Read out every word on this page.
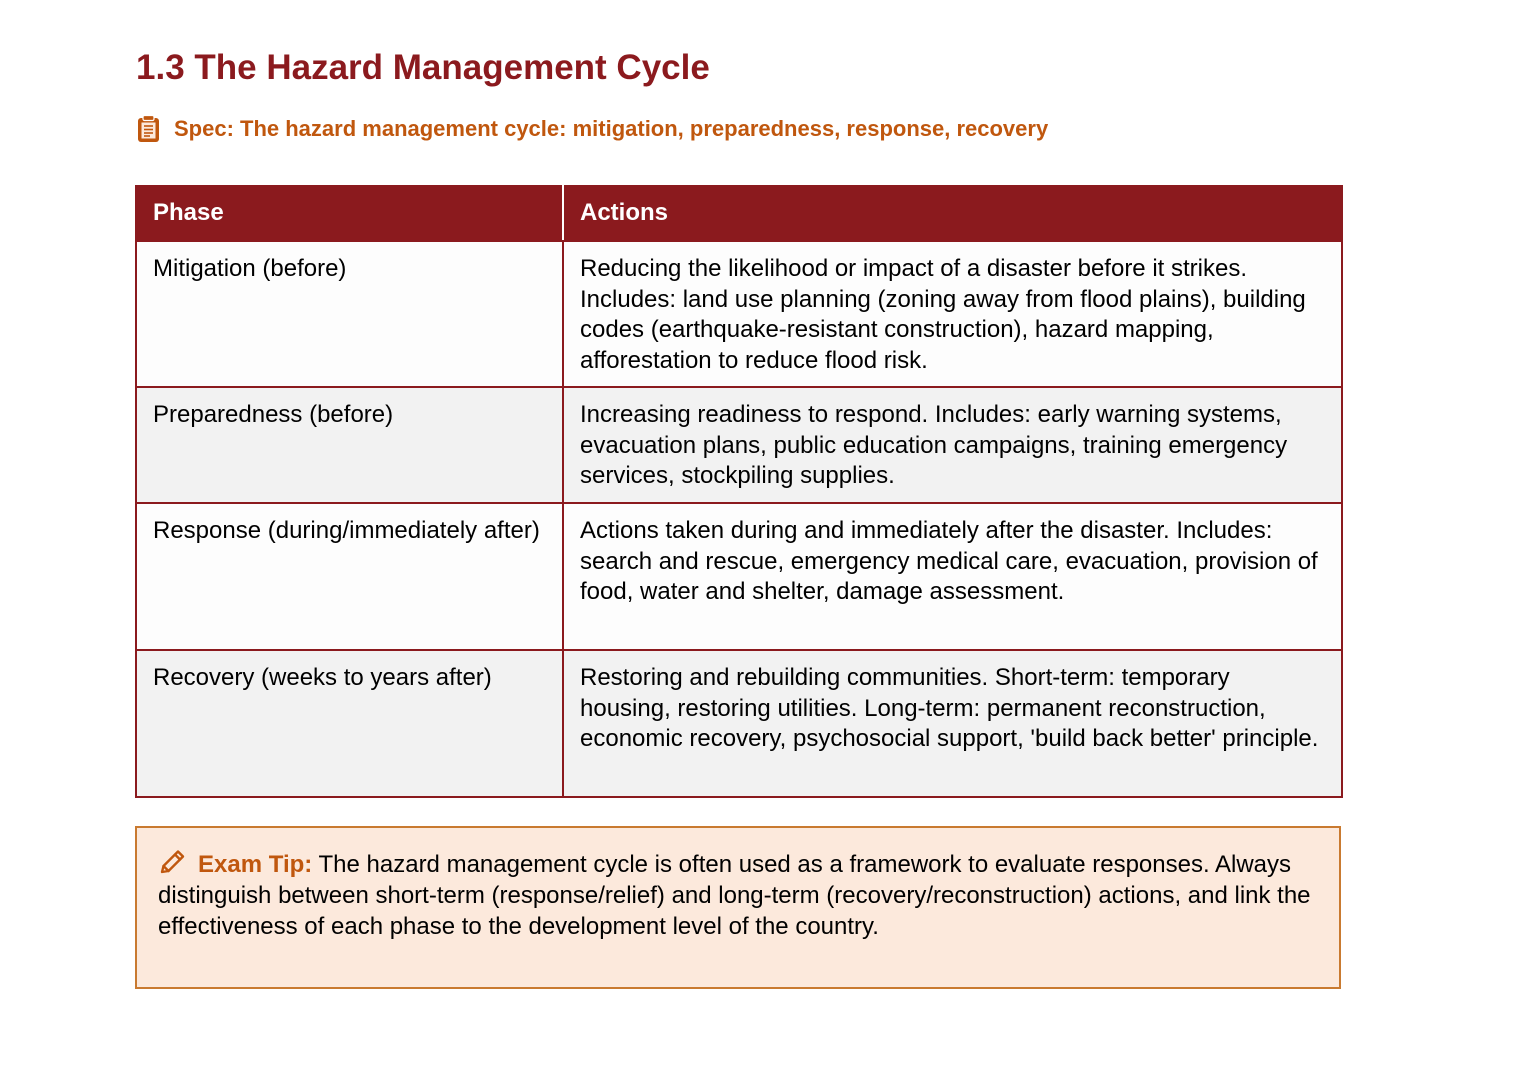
1.3 The Hazard Management Cycle
Spec: The hazard management cycle: mitigation, preparedness, response, recovery
Phase	Actions
Mitigation (before)	Reducing the likelihood or impact of a disaster before it strikes. Includes: land use planning (zoning away from flood plains), building codes (earthquake-resistant construction), hazard mapping, afforestation to reduce flood risk.
Preparedness (before)	Increasing readiness to respond. Includes: early warning systems, evacuation plans, public education campaigns, training emergency services, stockpiling supplies.
Response (during/immediately after)	Actions taken during and immediately after the disaster. Includes: search and rescue, emergency medical care, evacuation, provision of food, water and shelter, damage assessment.
Recovery (weeks to years after)	Restoring and rebuilding communities. Short-term: temporary housing, restoring utilities. Long-term: permanent reconstruction, economic recovery, psychosocial support, 'build back better' principle.
Exam Tip: The hazard management cycle is often used as a framework to evaluate responses. Always distinguish between short-term (response/relief) and long-term (recovery/reconstruction) actions, and link the effectiveness of each phase to the development level of the country.
